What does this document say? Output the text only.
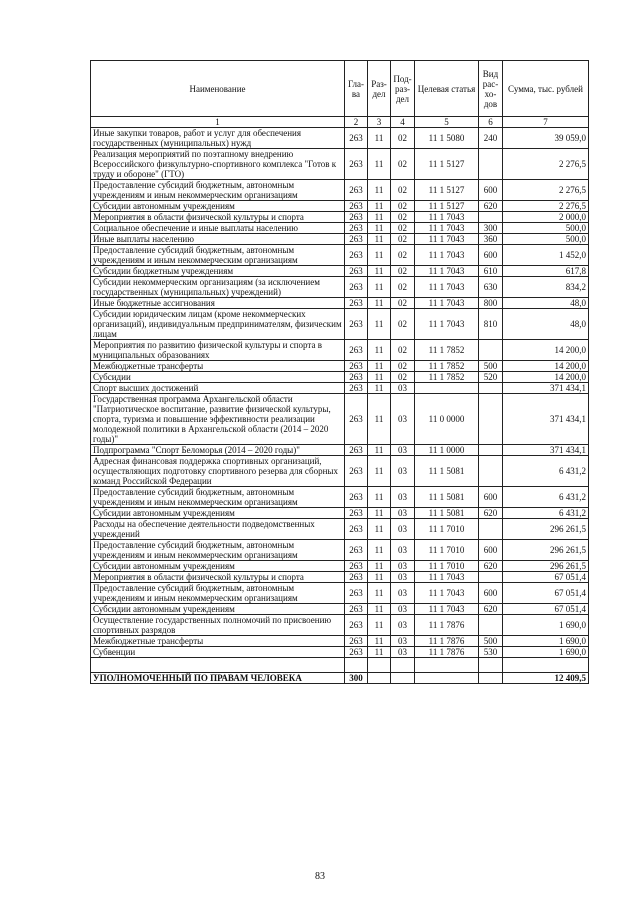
Наименование	Гла-ва	Раз-дел	Под-раз-дел	Целевая статья	Вид рас-хо-дов	Сумма, тыс. рублей
1	2	3	4	5	6	7
Иные закупки товаров, работ и услуг для обеспечения государственных (муниципальных) нужд	263	11	02	11 1 5080	240	39 059,0
Реализация мероприятий по поэтапному внедрению Всероссийского физкультурно-спортивного комплекса "Готов к труду и обороне" (ГТО)	263	11	02	11 1 5127		2 276,5
Предоставление субсидий бюджетным, автономным учреждениям и иным некоммерческим организациям	263	11	02	11 1 5127	600	2 276,5
Субсидии автономным учреждениям	263	11	02	11 1 5127	620	2 276,5
Мероприятия в области физической культуры и спорта	263	11	02	11 1 7043		2 000,0
Социальное обеспечение и иные выплаты населению	263	11	02	11 1 7043	300	500,0
Иные выплаты населению	263	11	02	11 1 7043	360	500,0
Предоставление субсидий бюджетным, автономным учреждениям и иным некоммерческим организациям	263	11	02	11 1 7043	600	1 452,0
Субсидии бюджетным учреждениям	263	11	02	11 1 7043	610	617,8
Субсидии некоммерческим организациям (за исключением государственных (муниципальных) учреждений)	263	11	02	11 1 7043	630	834,2
Иные бюджетные ассигнования	263	11	02	11 1 7043	800	48,0
Субсидии юридическим лицам (кроме некоммерческих организаций), индивидуальным предпринимателям, физическим лицам	263	11	02	11 1 7043	810	48,0
Мероприятия по развитию физической культуры и спорта в муниципальных образованиях	263	11	02	11 1 7852		14 200,0
Межбюджетные трансферты	263	11	02	11 1 7852	500	14 200,0
Субсидии	263	11	02	11 1 7852	520	14 200,0
Спорт высших достижений	263	11	03			371 434,1
Государственная программа Архангельской области "Патриотическое воспитание, развитие физической культуры, спорта, туризма и повышение эффективности реализации молодежной политики в Архангельской области (2014 – 2020 годы)"	263	11	03	11 0 0000		371 434,1
Подпрограмма "Спорт Беломорья (2014 – 2020 годы)"	263	11	03	11 1 0000		371 434,1
Адресная финансовая поддержка спортивных организаций, осуществляющих подготовку спортивного резерва для сборных команд Российской Федерации	263	11	03	11 1 5081		6 431,2
Предоставление субсидий бюджетным, автономным учреждениям и иным некоммерческим организациям	263	11	03	11 1 5081	600	6 431,2
Субсидии автономным учреждениям	263	11	03	11 1 5081	620	6 431,2
Расходы на обеспечение деятельности подведомственных учреждений	263	11	03	11 1 7010		296 261,5
Предоставление субсидий бюджетным, автономным учреждениям и иным некоммерческим организациям	263	11	03	11 1 7010	600	296 261,5
Субсидии автономным учреждениям	263	11	03	11 1 7010	620	296 261,5
Мероприятия в области физической культуры и спорта	263	11	03	11 1 7043		67 051,4
Предоставление субсидий бюджетным, автономным учреждениям и иным некоммерческим организациям	263	11	03	11 1 7043	600	67 051,4
Субсидии автономным учреждениям	263	11	03	11 1 7043	620	67 051,4
Осуществление государственных полномочий по присвоению спортивных разрядов	263	11	03	11 1 7876		1 690,0
Межбюджетные трансферты	263	11	03	11 1 7876	500	1 690,0
Субвенции	263	11	03	11 1 7876	530	1 690,0

УПОЛНОМОЧЕННЫЙ ПО ПРАВАМ ЧЕЛОВЕКА	300					12 409,5
83
